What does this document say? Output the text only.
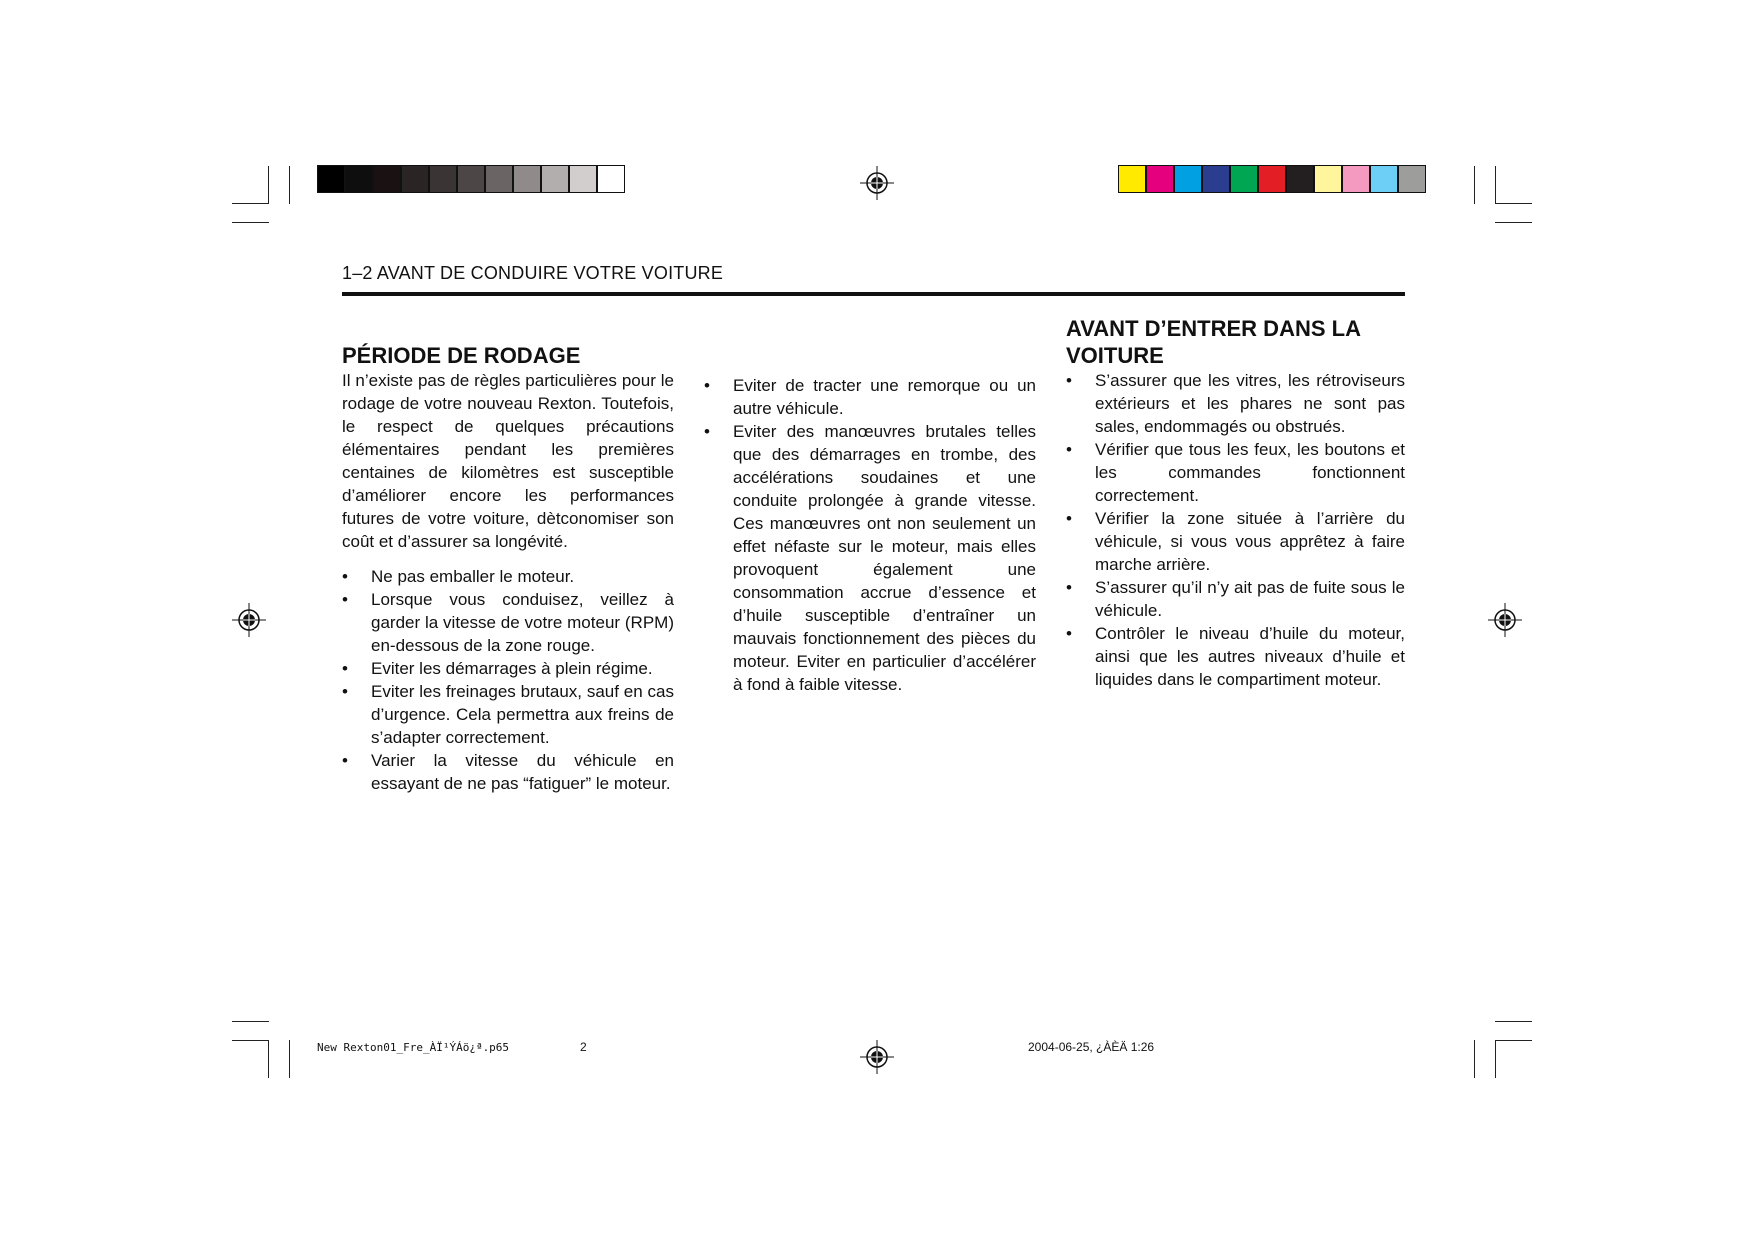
1–2 AVANT DE CONDUIRE VOTRE VOITURE
PÉRIODE DE RODAGE

Il n’existe pas de règles particulières pour le rodage de votre nouveau Rexton. Toutefois, le respect de quelques précautions élémentaires pendant les premières centaines de kilomètres est susceptible d’améliorer encore les performances futures de votre voiture, dètconomiser son coût et d’assurer sa longévité.

• Ne pas emballer le moteur.
• Lorsque vous conduisez, veillez à garder la vitesse de votre moteur (RPM) en-dessous de la zone rouge.
• Eviter les démarrages à plein régime.
• Eviter les freinages brutaux, sauf en cas d’urgence. Cela permettra aux freins de s’adapter correctement.
• Varier la vitesse du véhicule en essayant de ne pas “fatiguer” le moteur.
• Eviter de tracter une remorque ou un autre véhicule.
• Eviter des manœuvres brutales telles que des démarrages en trombe, des accélérations soudaines et une conduite prolongée à grande vitesse. Ces manœuvres ont non seulement un effet néfaste sur le moteur, mais elles provoquent également une consommation accrue d’essence et d’huile susceptible d’entraîner un mauvais fonctionnement des pièces du moteur. Eviter en particulier d’accélérer à fond à faible vitesse.
AVANT D’ENTRER DANS LA
VOITURE
• S’assurer que les vitres, les rétroviseurs extérieurs et les phares ne sont pas sales, endommagés ou obstrués.
• Vérifier que tous les feux, les boutons et les commandes fonctionnent correctement.
• Vérifier la zone située à l’arrière du véhicule, si vous vous apprêtez à faire marche arrière.
• S’assurer qu’il n’y ait pas de fuite sous le véhicule.
• Contrôler le niveau d’huile du moteur, ainsi que les autres niveaux d’huile et liquides dans le compartiment moteur.
New Rexton01_Fre_ÀÏ¹ÝÁö¿ª.p65	2	2004-06-25, ¿ÀÈÄ 1:26
